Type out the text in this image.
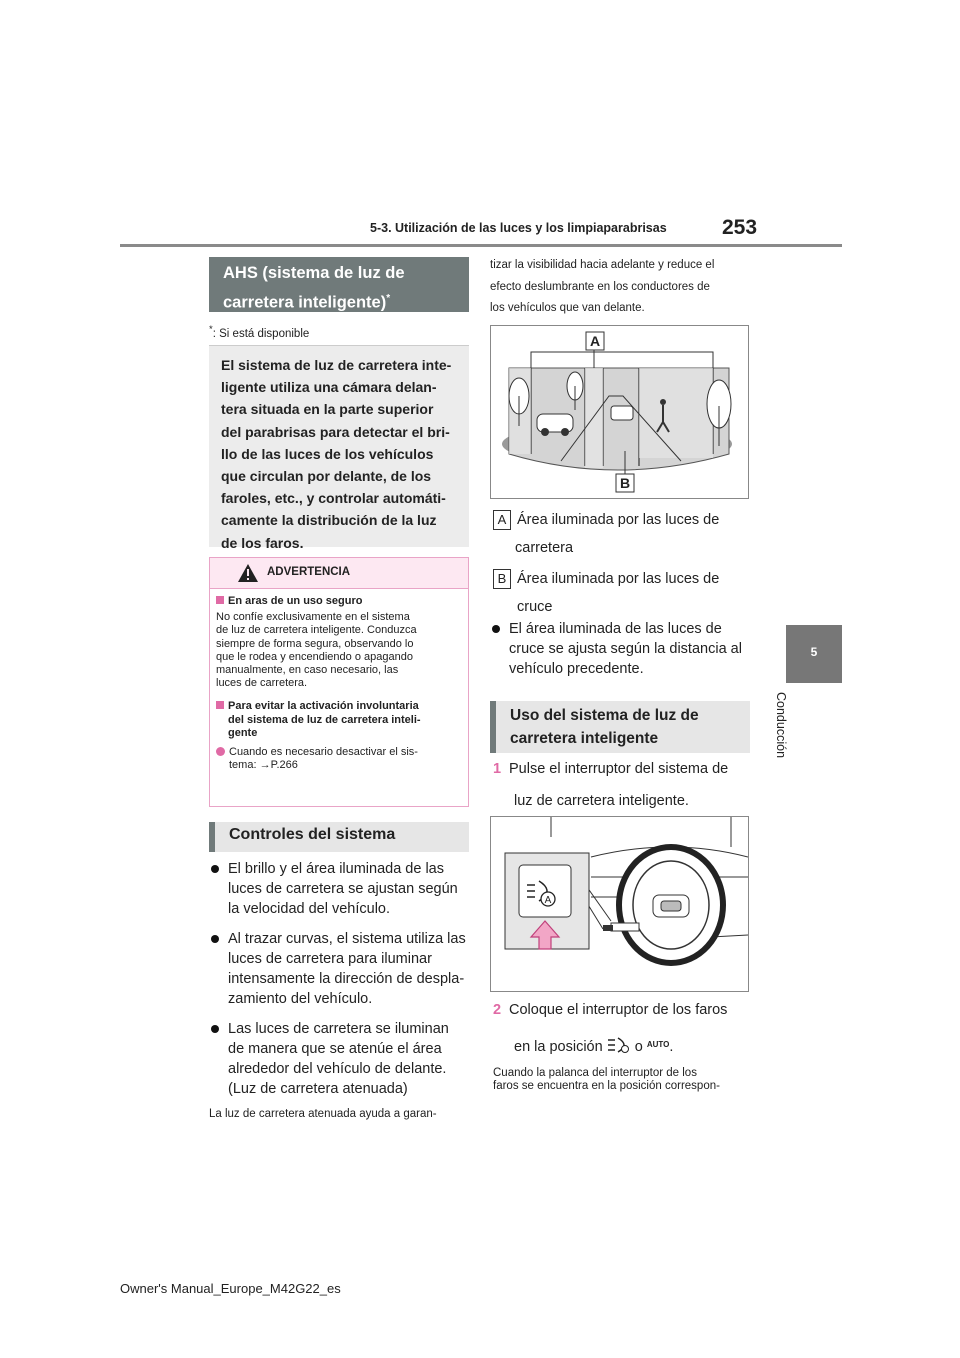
5-3. Utilización de las luces y los limpiaparabrisas	253
5
Conducción
AHS (sistema de luz de
carretera inteligente)*
*: Si está disponible
El sistema de luz de carretera inte-
ligente utiliza una cámara delan-
tera situada en la parte superior
del parabrisas para detectar el bri-
llo de las luces de los vehículos
que circulan por delante, de los
faroles, etc., y controlar automáti-
camente la distribución de la luz
de los faros.
ADVERTENCIA
En aras de un uso seguro

No confíe exclusivamente en el sistema
de luz de carretera inteligente. Conduzca
siempre de forma segura, observando lo
que le rodea y encendiendo o apagando
manualmente, en caso necesario, las
luces de carretera.

Para evitar la activación involuntaria
del sistema de luz de carretera inteli-
gente

Cuando es necesario desactivar el sis-
tema: →P.266

Controles del sistema
El brillo y el área iluminada de las
luces de carretera se ajustan según
la velocidad del vehículo.
Al trazar curvas, el sistema utiliza las
luces de carretera para iluminar
intensamente la dirección de despla-
zamiento del vehículo.
Las luces de carretera se iluminan
de manera que se atenúe el área
alrededor del vehículo de delante.
(Luz de carretera atenuada)
La luz de carretera atenuada ayuda a garan-
tizar la visibilidad hacia adelante y reduce el
efecto deslumbrante en los conductores de
los vehículos que van delante.
A
B
A Área iluminada por las luces de
carretera
B Área iluminada por las luces de
cruce
El área iluminada de las luces de
cruce se ajusta según la distancia al
vehículo precedente.
Uso del sistema de luz de
carretera inteligente
1 Pulse el interruptor del sistema de
luz de carretera inteligente.
A
2 Coloque el interruptor de los faros
en la posición o $^{AUTO}$.
Cuando la palanca del interruptor de los
faros se encuentra en la posición correspon-
Owner's Manual_Europe_M42G22_es
